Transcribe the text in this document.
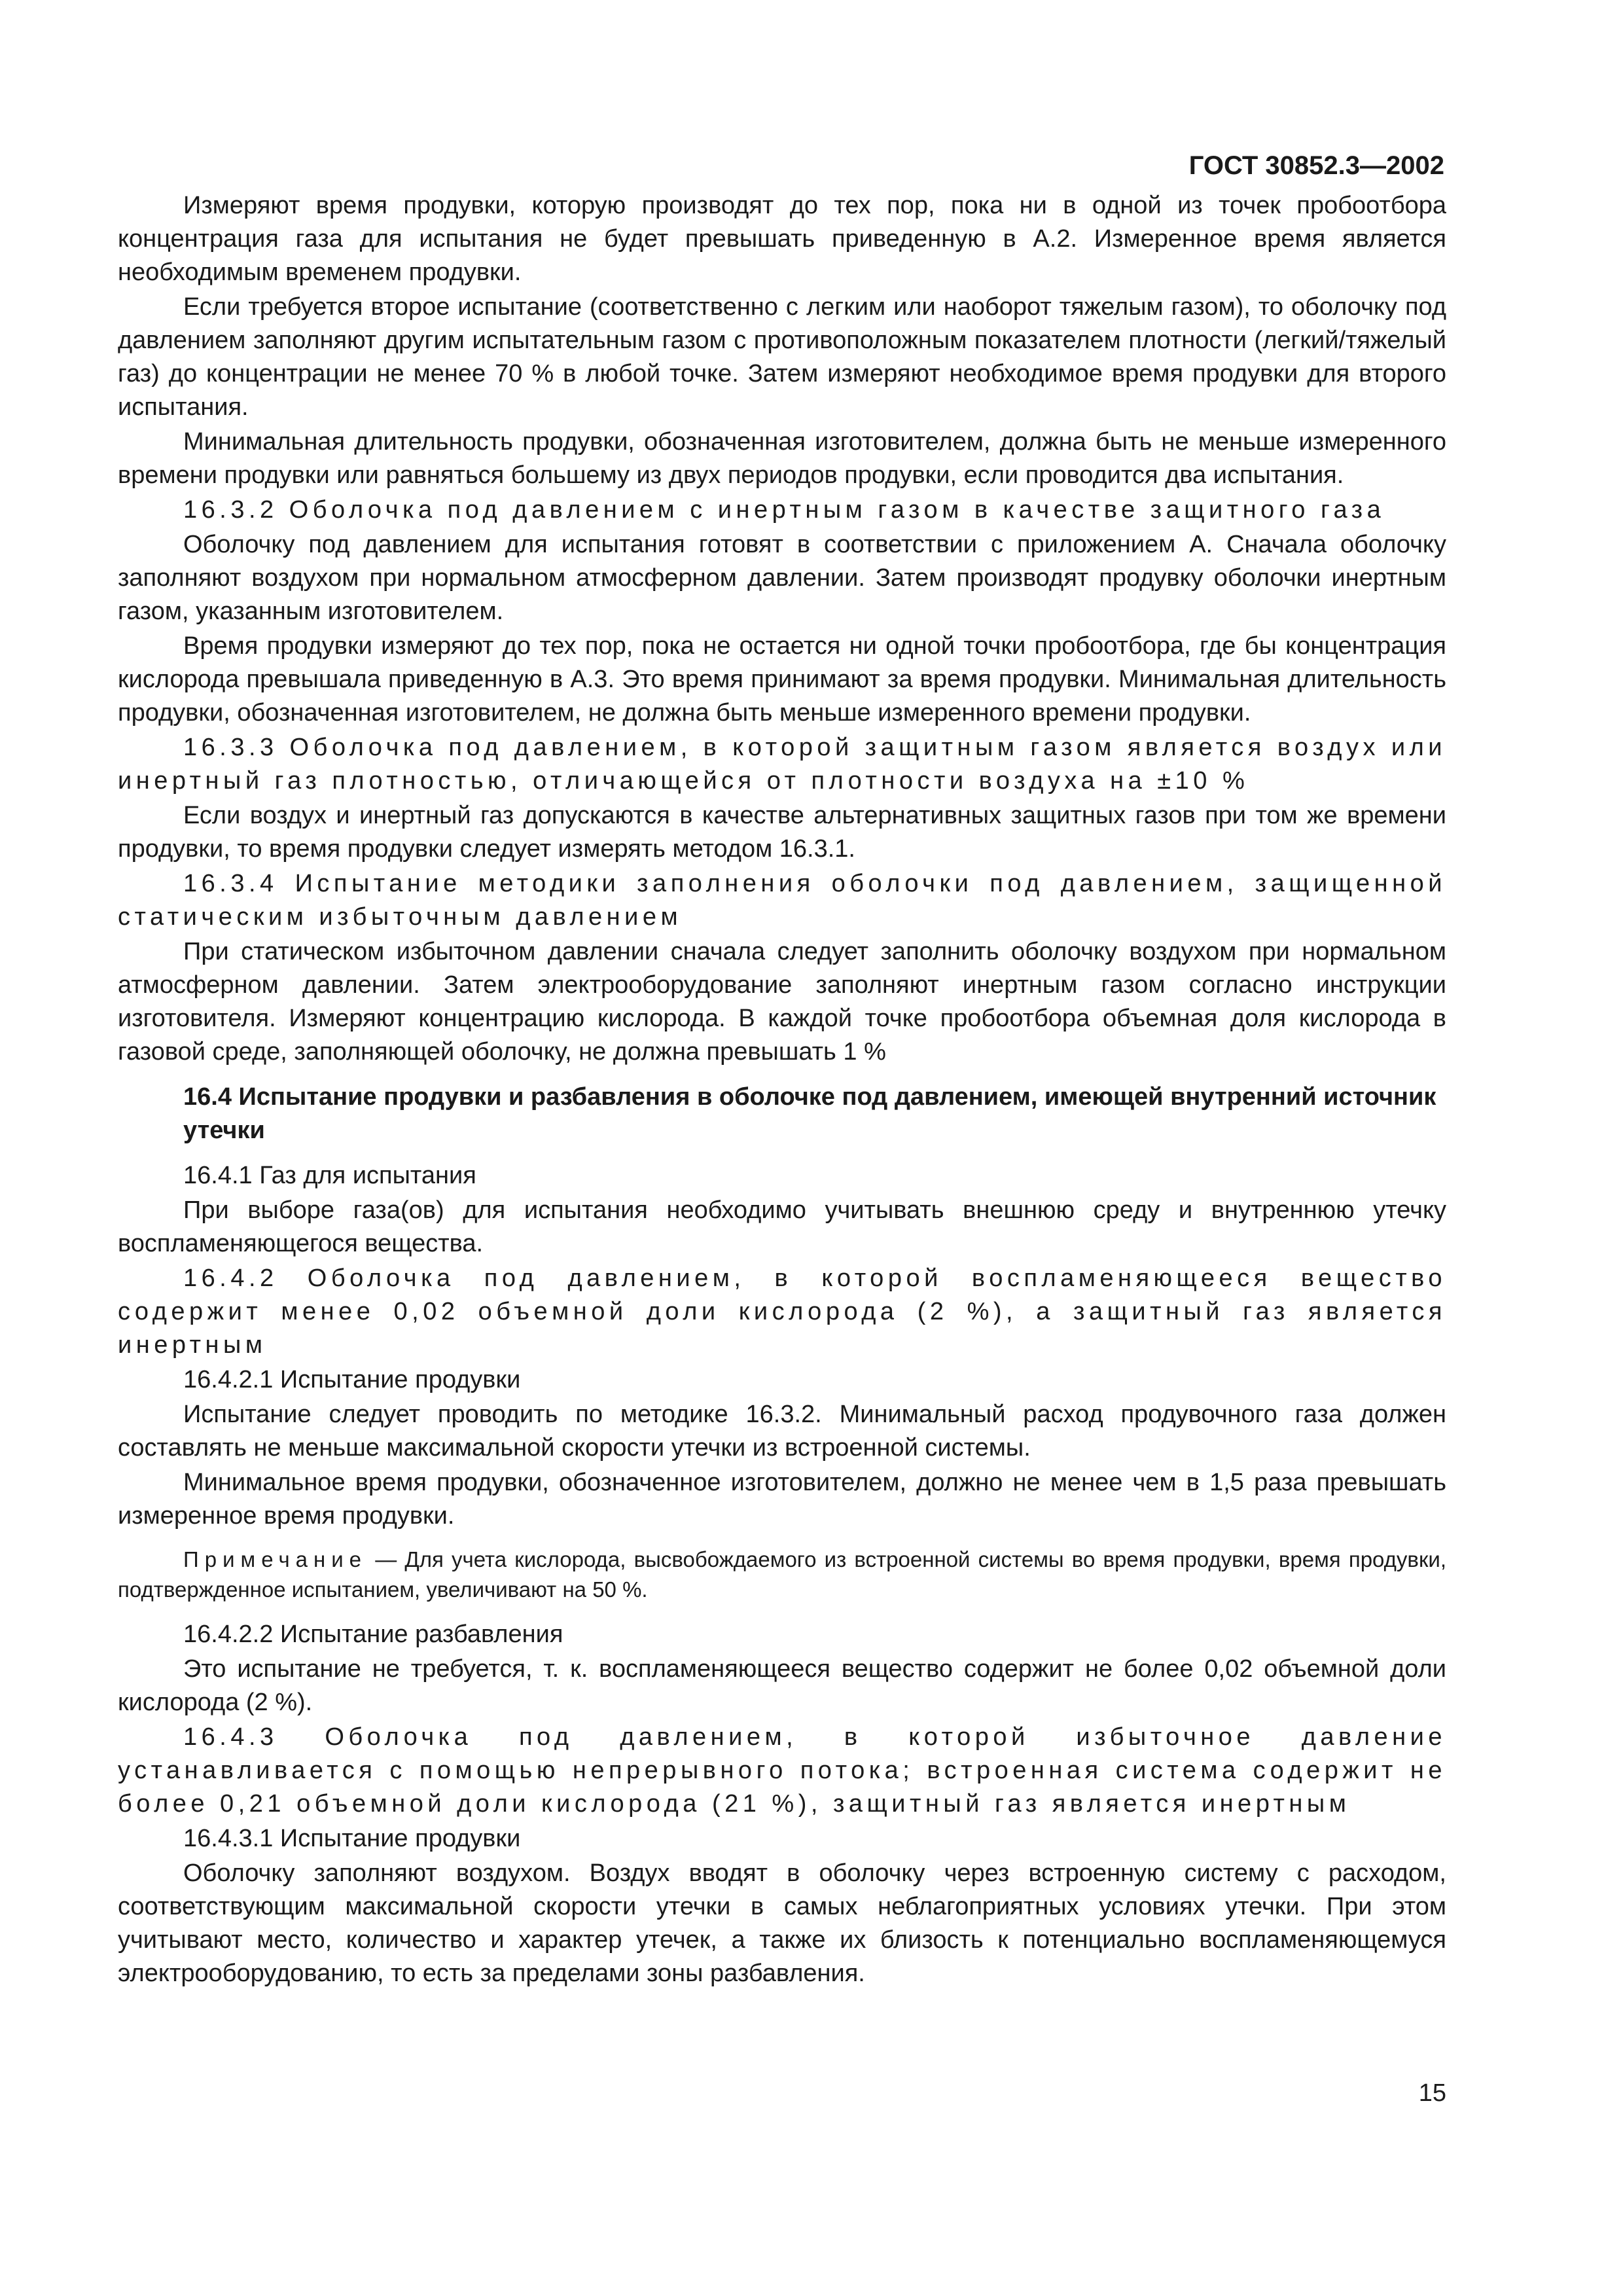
ГОСТ 30852.3—2002

Измеряют время продувки, которую производят до тех пор, пока ни в одной из точек пробоотбора концентрация газа для испытания не будет превышать приведенную в А.2. Измеренное время является необходимым временем продувки.

Если требуется второе испытание (соответственно с легким или наоборот тяжелым газом), то оболочку под давлением заполняют другим испытательным газом с противоположным показателем плотности (легкий/тяжелый газ) до концентрации не менее 70 % в любой точке. Затем измеряют необходимое время продувки для второго испытания.

Минимальная длительность продувки, обозначенная изготовителем, должна быть не меньше измеренного времени продувки или равняться большему из двух периодов продувки, если проводится два испытания.

16.3.2 Оболочка под давлением с инертным газом в качестве защитного газа

Оболочку под давлением для испытания готовят в соответствии с приложением А. Сначала оболочку заполняют воздухом при нормальном атмосферном давлении. Затем производят продувку оболочки инертным газом, указанным изготовителем.

Время продувки измеряют до тех пор, пока не остается ни одной точки пробоотбора, где бы концентрация кислорода превышала приведенную в А.3. Это время принимают за время продувки. Минимальная длительность продувки, обозначенная изготовителем, не должна быть меньше измеренного времени продувки.

16.3.3 Оболочка под давлением, в которой защитным газом является воздух или инертный газ плотностью, отличающейся от плотности воздуха на ±10 %

Если воздух и инертный газ допускаются в качестве альтернативных защитных газов при том же времени продувки, то время продувки следует измерять методом 16.3.1.

16.3.4 Испытание методики заполнения оболочки под давлением, защищенной статическим избыточным давлением

При статическом избыточном давлении сначала следует заполнить оболочку воздухом при нормальном атмосферном давлении. Затем электрооборудование заполняют инертным газом согласно инструкции изготовителя. Измеряют концентрацию кислорода. В каждой точке пробоотбора объемная доля кислорода в газовой среде, заполняющей оболочку, не должна превышать 1 %

16.4 Испытание продувки и разбавления в оболочке под давлением, имеющей внутренний источник утечки

16.4.1 Газ для испытания

При выборе газа(ов) для испытания необходимо учитывать внешнюю среду и внутреннюю утечку воспламеняющегося вещества.

16.4.2 Оболочка под давлением, в которой воспламеняющееся вещество содержит менее 0,02 объемной доли кислорода (2 %), а защитный газ является инертным

16.4.2.1 Испытание продувки

Испытание следует проводить по методике 16.3.2. Минимальный расход продувочного газа должен составлять не меньше максимальной скорости утечки из встроенной системы.

Минимальное время продувки, обозначенное изготовителем, должно не менее чем в 1,5 раза превышать измеренное время продувки.

Примечание — Для учета кислорода, высвобождаемого из встроенной системы во время продувки, время продувки, подтвержденное испытанием, увеличивают на 50 %.

16.4.2.2 Испытание разбавления

Это испытание не требуется, т. к. воспламеняющееся вещество содержит не более 0,02 объемной доли кислорода (2 %).

16.4.3 Оболочка под давлением, в которой избыточное давление устанавливается с помощью непрерывного потока; встроенная система содержит не более 0,21 объемной доли кислорода (21 %), защитный газ является инертным

16.4.3.1 Испытание продувки

Оболочку заполняют воздухом. Воздух вводят в оболочку через встроенную систему с расходом, соответствующим максимальной скорости утечки в самых неблагоприятных условиях утечки. При этом учитывают место, количество и характер утечек, а также их близость к потенциально воспламеняющемуся электрооборудованию, то есть за пределами зоны разбавления.

15
